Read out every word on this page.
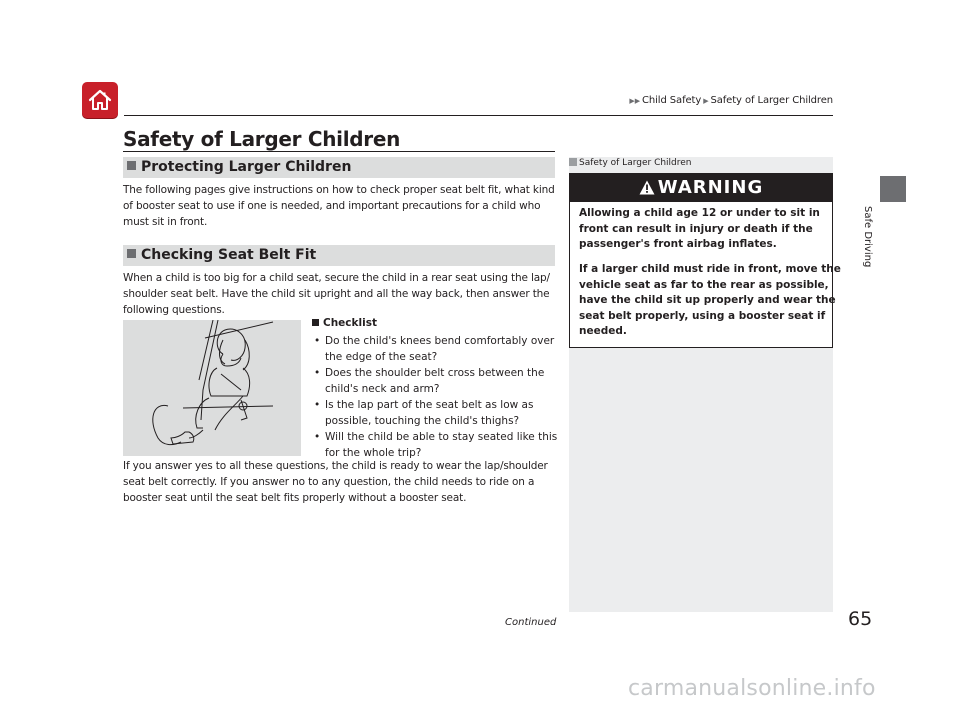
▶▶ Child Safety ▶ Safety of Larger Children
Safe Driving
Safety of Larger Children
Protecting Larger Children
The following pages give instructions on how to check proper seat belt fit, what kind
of booster seat to use if one is needed, and important precautions for a child who
must sit in front.
Checking Seat Belt Fit
When a child is too big for a child seat, secure the child in a rear seat using the lap/
shoulder seat belt. Have the child sit upright and all the way back, then answer the
following questions.
Checklist
• Do the child's knees bend comfortably over
the edge of the seat?
• Does the shoulder belt cross between the
child's neck and arm?
• Is the lap part of the seat belt as low as
possible, touching the child's thighs?
• Will the child be able to stay seated like this
for the whole trip?
If you answer yes to all these questions, the child is ready to wear the lap/shoulder
seat belt correctly. If you answer no to any question, the child needs to ride on a
booster seat until the seat belt fits properly without a booster seat.
Safety of Larger Children
WARNING
Allowing a child age 12 or under to sit in
front can result in injury or death if the
passenger's front airbag inflates.
If a larger child must ride in front, move the
vehicle seat as far to the rear as possible,
have the child sit up properly and wear the
seat belt properly, using a booster seat if
needed.
Continued	65
carmanualsonline.info
